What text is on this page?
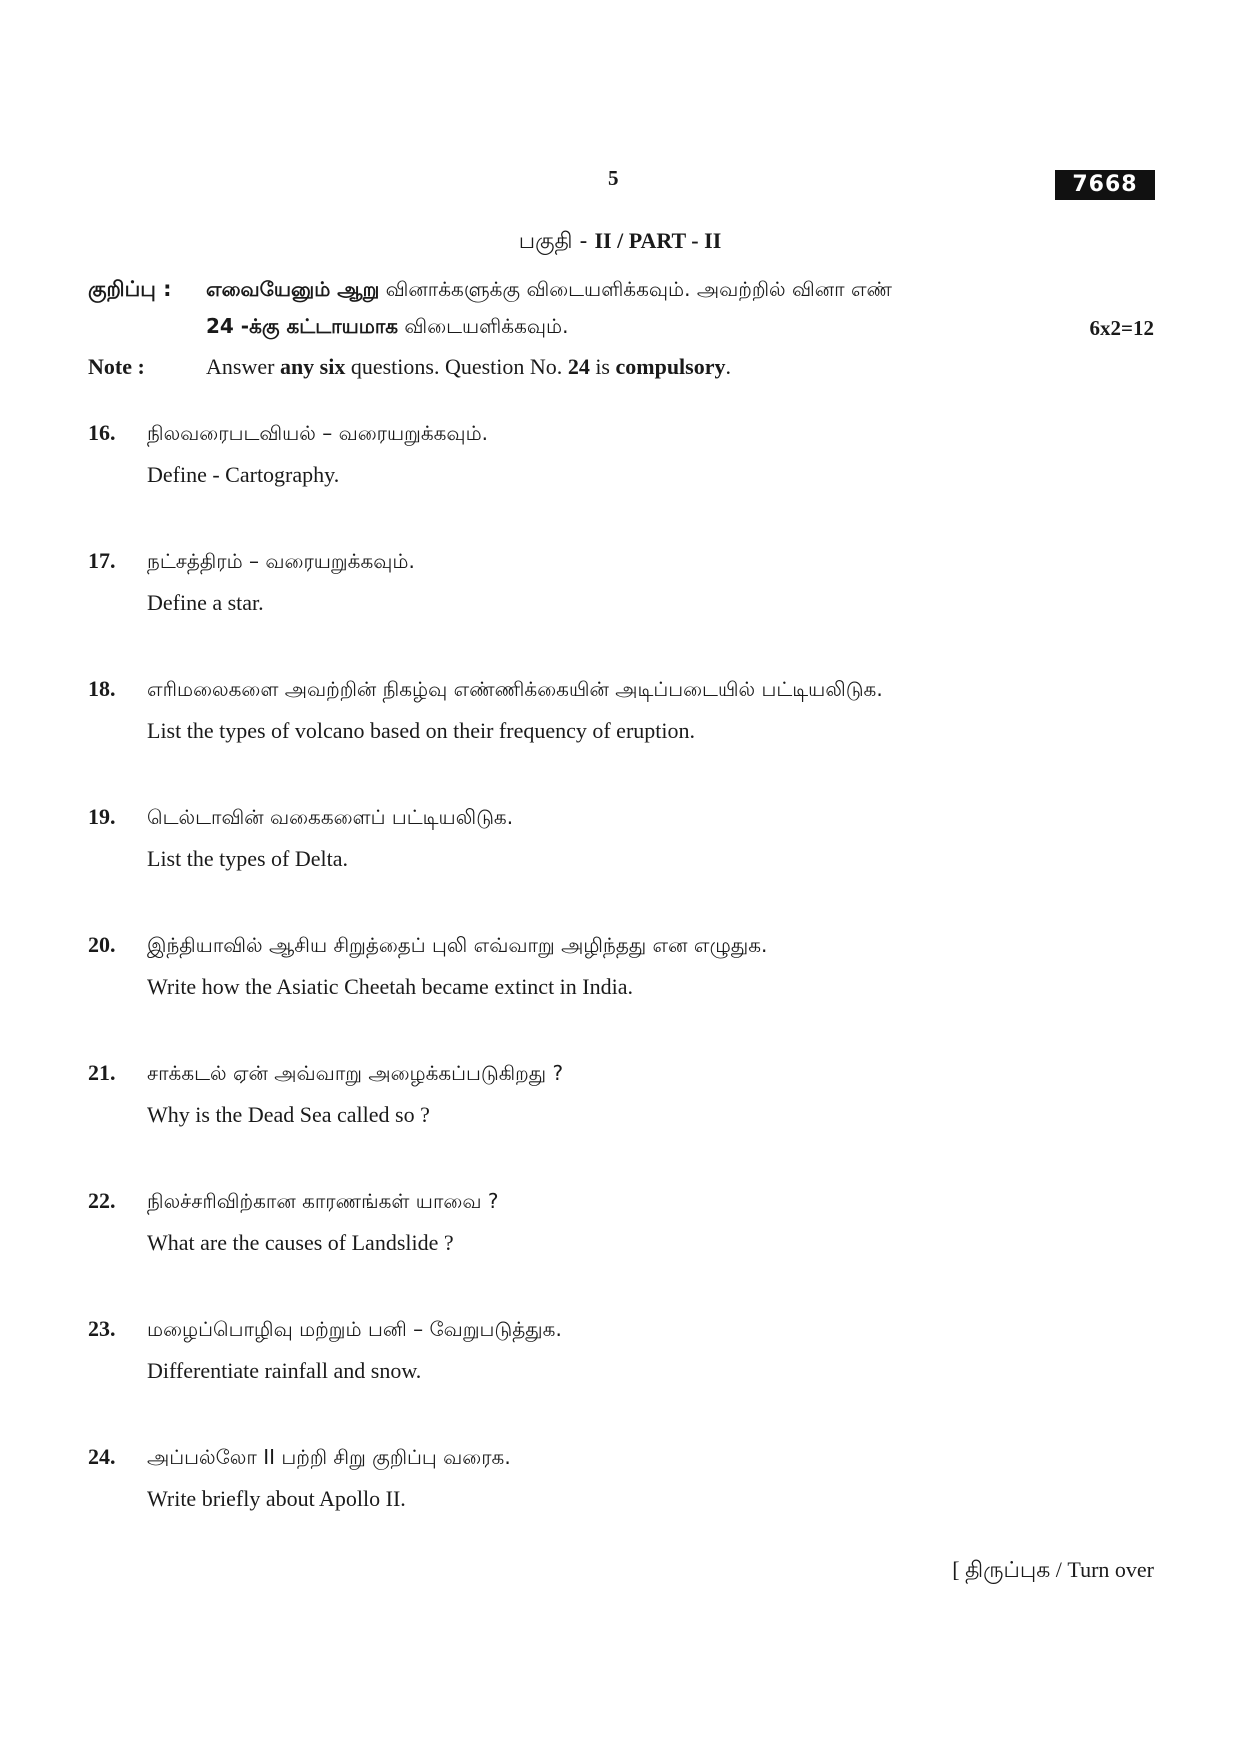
5	7668
பகுதி - II / PART - II
குறிப்பு : எவையேனும் ஆறு வினாக்களுக்கு விடையளிக்கவும். அவற்றில் வினா எண்
24 -க்கு கட்டாயமாக விடையளிக்கவும்.	6x2=12
Note :	Answer any six questions. Question No. 24 is compulsory.
16. நிலவரைபடவியல் – வரையறுக்கவும்.
Define - Cartography.
17. நட்சத்திரம் – வரையறுக்கவும்.
Define a star.
18. எரிமலைகளை அவற்றின் நிகழ்வு எண்ணிக்கையின் அடிப்படையில் பட்டியலிடுக.
List the types of volcano based on their frequency of eruption.
19. டெல்டாவின் வகைகளைப் பட்டியலிடுக.
List the types of Delta.
20. இந்தியாவில் ஆசிய சிறுத்தைப் புலி எவ்வாறு அழிந்தது என எழுதுக.
Write how the Asiatic Cheetah became extinct in India.
21. சாக்கடல் ஏன் அவ்வாறு அழைக்கப்படுகிறது ?
Why is the Dead Sea called so ?
22. நிலச்சரிவிற்கான காரணங்கள் யாவை ?
What are the causes of Landslide ?
23. மழைப்பொழிவு மற்றும் பனி – வேறுபடுத்துக.
Differentiate rainfall and snow.
24. அப்பல்லோ II பற்றி சிறு குறிப்பு வரைக.
Write briefly about Apollo II.
[ திருப்புக / Turn over
